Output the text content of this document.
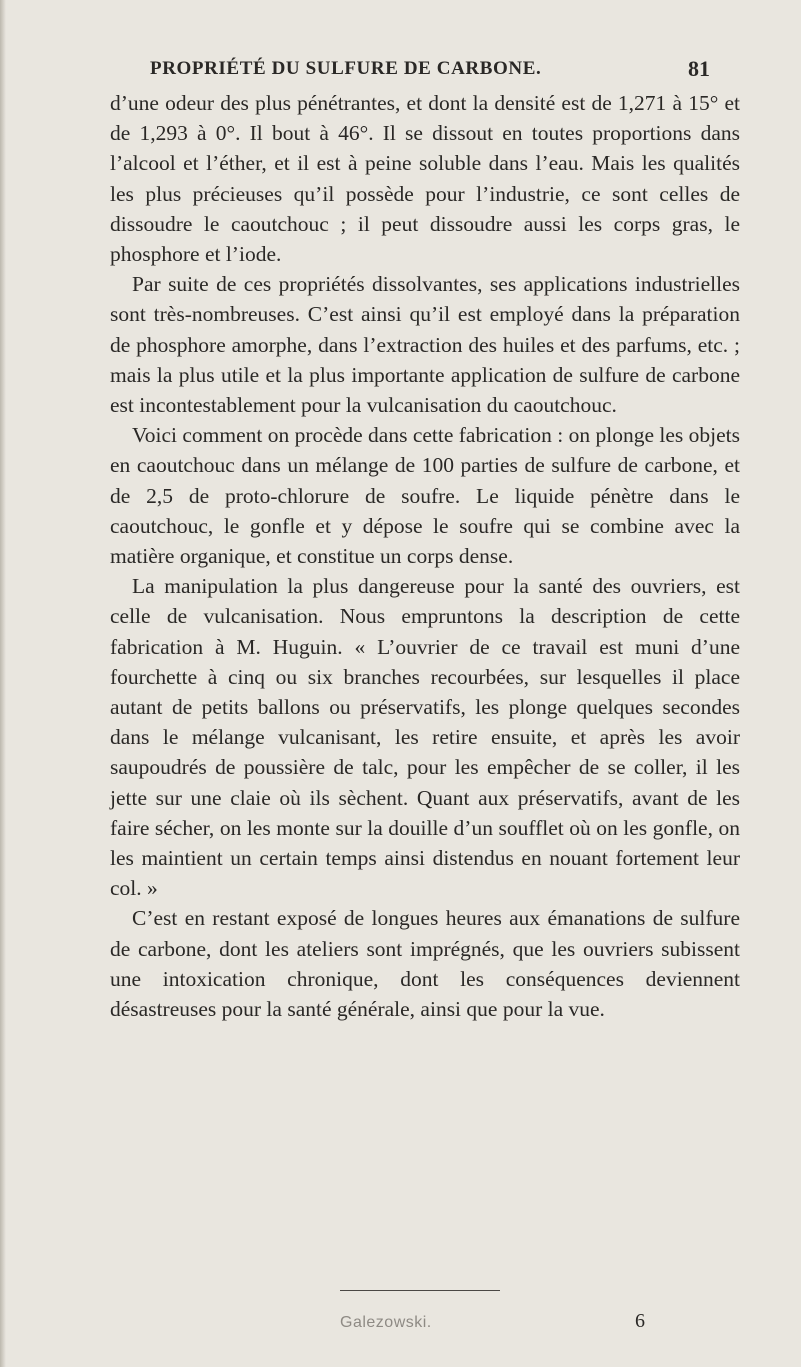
PROPRIÉTÉ DU SULFURE DE CARBONE.	81

d’une odeur des plus pénétrantes, et dont la densité est de 1,271 à 15° et de 1,293 à 0°. Il bout à 46°. Il se dissout en toutes proportions dans l’alcool et l’éther, et il est à peine soluble dans l’eau. Mais les qualités les plus précieuses qu’il possède pour l’industrie, ce sont celles de dissoudre le caoutchouc ; il peut dissoudre aussi les corps gras, le phosphore et l’iode.

Par suite de ces propriétés dissolvantes, ses applications industrielles sont très-nombreuses. C’est ainsi qu’il est employé dans la préparation de phosphore amorphe, dans l’extraction des huiles et des parfums, etc. ; mais la plus utile et la plus importante application de sulfure de carbone est incontestablement pour la vulcanisation du caoutchouc.

Voici comment on procède dans cette fabrication : on plonge les objets en caoutchouc dans un mélange de 100 parties de sulfure de carbone, et de 2,5 de proto-chlorure de soufre. Le liquide pénètre dans le caoutchouc, le gonfle et y dépose le soufre qui se combine avec la matière organique, et constitue un corps dense.

La manipulation la plus dangereuse pour la santé des ouvriers, est celle de vulcanisation. Nous empruntons la description de cette fabrication à M. Huguin. « L’ouvrier de ce travail est muni d’une fourchette à cinq ou six branches recourbées, sur lesquelles il place autant de petits ballons ou préservatifs, les plonge quelques secondes dans le mélange vulcanisant, les retire ensuite, et après les avoir saupoudrés de poussière de talc, pour les empêcher de se coller, il les jette sur une claie où ils sèchent. Quant aux préservatifs, avant de les faire sécher, on les monte sur la douille d’un soufflet où on les gonfle, on les maintient un certain temps ainsi distendus en nouant fortement leur col. »

C’est en restant exposé de longues heures aux émanations de sulfure de carbone, dont les ateliers sont imprégnés, que les ouvriers subissent une intoxication chronique, dont les conséquences deviennent désastreuses pour la santé générale, ainsi que pour la vue.

Galezowski.	6
